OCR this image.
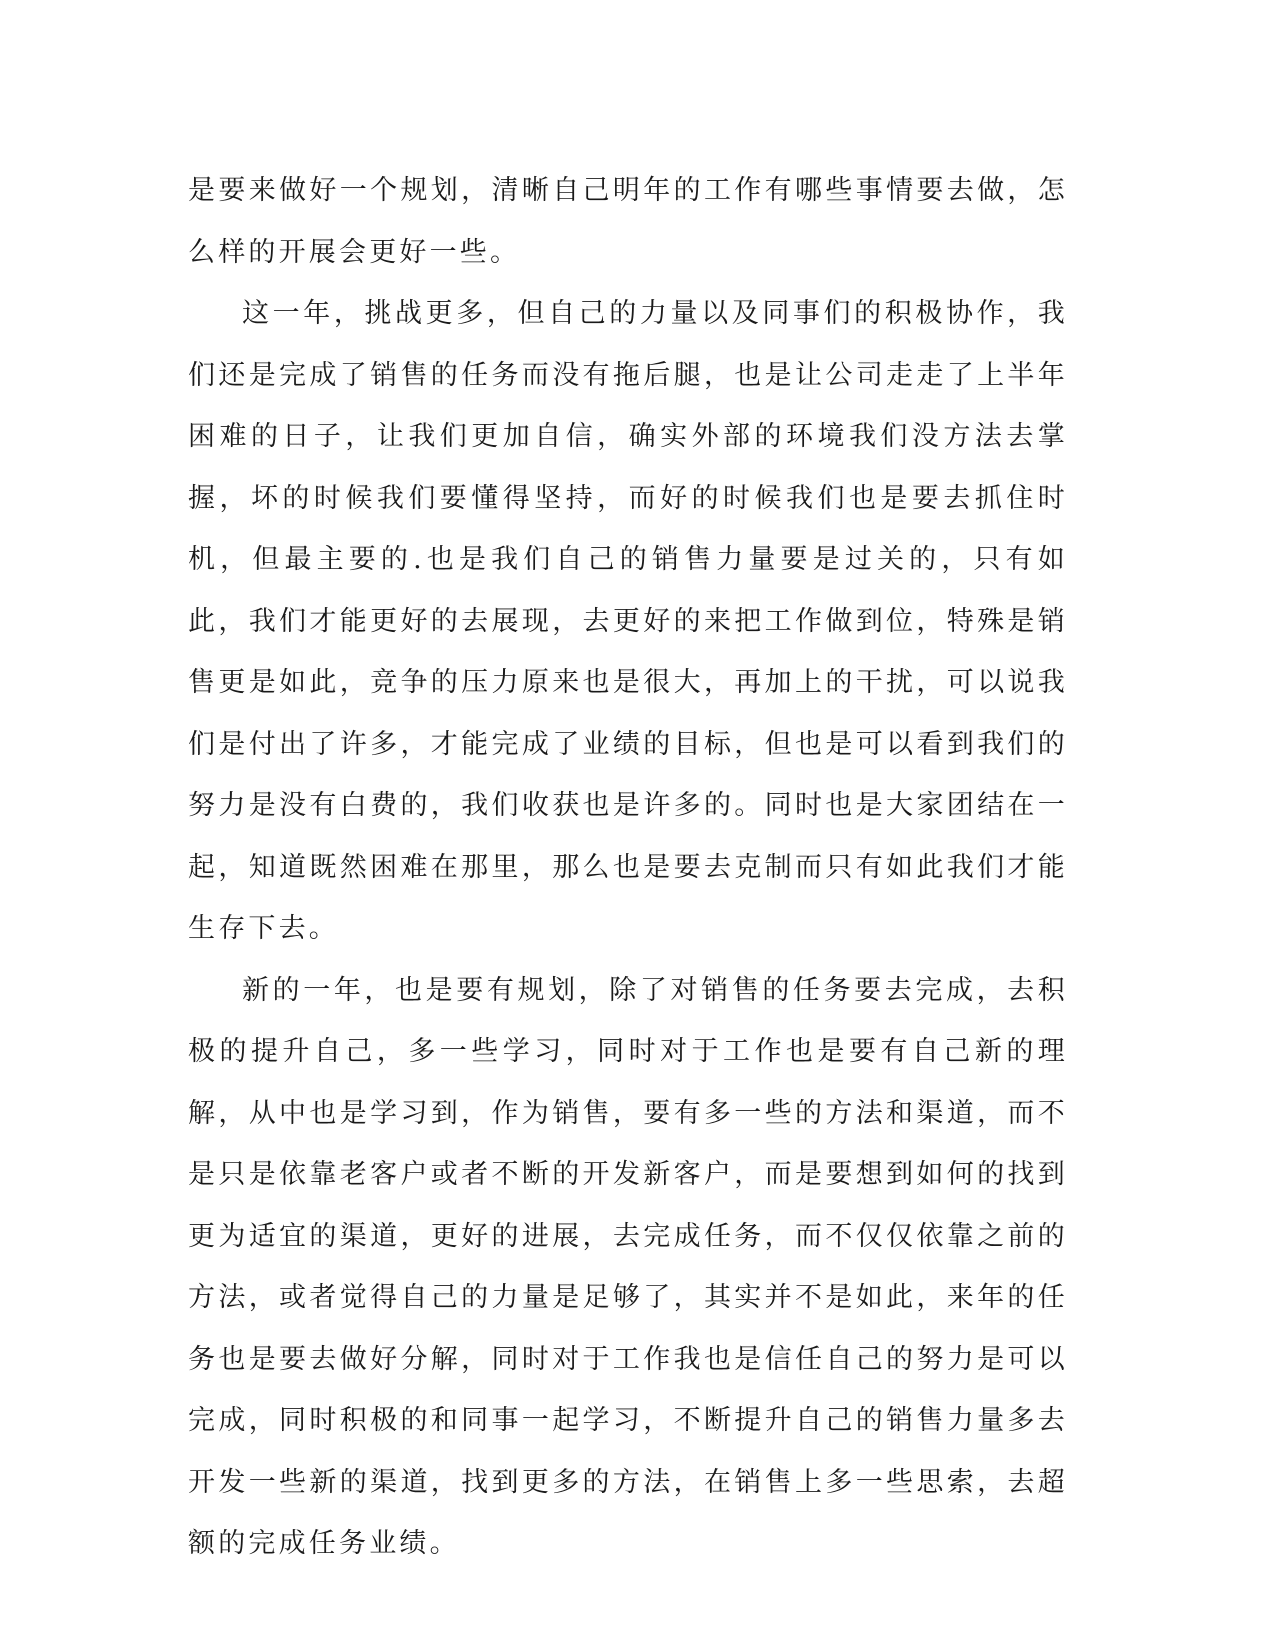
是要来做好一个规划，清晰自己明年的工作有哪些事情要去做，怎么样的开展会更好一些。

这一年，挑战更多，但自己的力量以及同事们的积极协作，我们还是完成了销售的任务而没有拖后腿，也是让公司走走了上半年困难的日子，让我们更加自信，确实外部的环境我们没方法去掌握，坏的时候我们要懂得坚持，而好的时候我们也是要去抓住时机，但最主要的.也是我们自己的销售力量要是过关的，只有如此，我们才能更好的去展现，去更好的来把工作做到位，特殊是销售更是如此，竞争的压力原来也是很大，再加上的干扰，可以说我们是付出了许多，才能完成了业绩的目标，但也是可以看到我们的努力是没有白费的，我们收获也是许多的。同时也是大家团结在一起，知道既然困难在那里，那么也是要去克制而只有如此我们才能生存下去。

新的一年，也是要有规划，除了对销售的任务要去完成，去积极的提升自己，多一些学习，同时对于工作也是要有自己新的理解，从中也是学习到，作为销售，要有多一些的方法和渠道，而不是只是依靠老客户或者不断的开发新客户，而是要想到如何的找到更为适宜的渠道，更好的进展，去完成任务，而不仅仅依靠之前的方法，或者觉得自己的力量是足够了，其实并不是如此，来年的任务也是要去做好分解，同时对于工作我也是信任自己的努力是可以完成，同时积极的和同事一起学习，不断提升自己的销售力量多去开发一些新的渠道，找到更多的方法，在销售上多一些思索，去超额的完成任务业绩。
